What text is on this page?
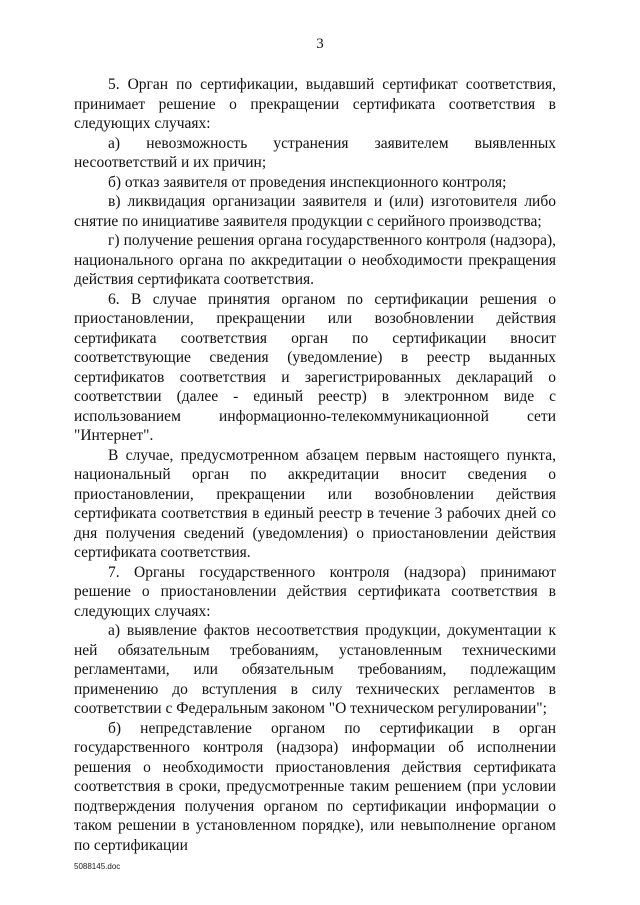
3

5. Орган по сертификации, выдавший сертификат соответствия, принимает решение о прекращении сертификата соответствия в следующих случаях:

а) невозможность устранения заявителем выявленных несоответствий и их причин;

б) отказ заявителя от проведения инспекционного контроля;

в) ликвидация организации заявителя и (или) изготовителя либо снятие по инициативе заявителя продукции с серийного производства;

г) получение решения органа государственного контроля (надзора), национального органа по аккредитации о необходимости прекращения действия сертификата соответствия.

6. В случае принятия органом по сертификации решения о приостановлении, прекращении или возобновлении действия сертификата соответствия орган по сертификации вносит соответствующие сведения (уведомление) в реестр выданных сертификатов соответствия и зарегистрированных деклараций о соответствии (далее - единый реестр) в электронном виде с использованием информационно-телекоммуникационной сети "Интернет".

В случае, предусмотренном абзацем первым настоящего пункта, национальный орган по аккредитации вносит сведения о приостановлении, прекращении или возобновлении действия сертификата соответствия в единый реестр в течение 3 рабочих дней со дня получения сведений (уведомления) о приостановлении действия сертификата соответствия.

7. Органы государственного контроля (надзора) принимают решение о приостановлении действия сертификата соответствия в следующих случаях:

а) выявление фактов несоответствия продукции, документации к ней обязательным требованиям, установленным техническими регламентами, или обязательным требованиям, подлежащим применению до вступления в силу технических регламентов в соответствии с Федеральным законом "О техническом регулировании";

б) непредставление органом по сертификации в орган государственного контроля (надзора) информации об исполнении решения о необходимости приостановления действия сертификата соответствия в сроки, предусмотренные таким решением (при условии подтверждения получения органом по сертификации информации о таком решении в установленном порядке), или невыполнение органом по сертификации

5088145.doc
